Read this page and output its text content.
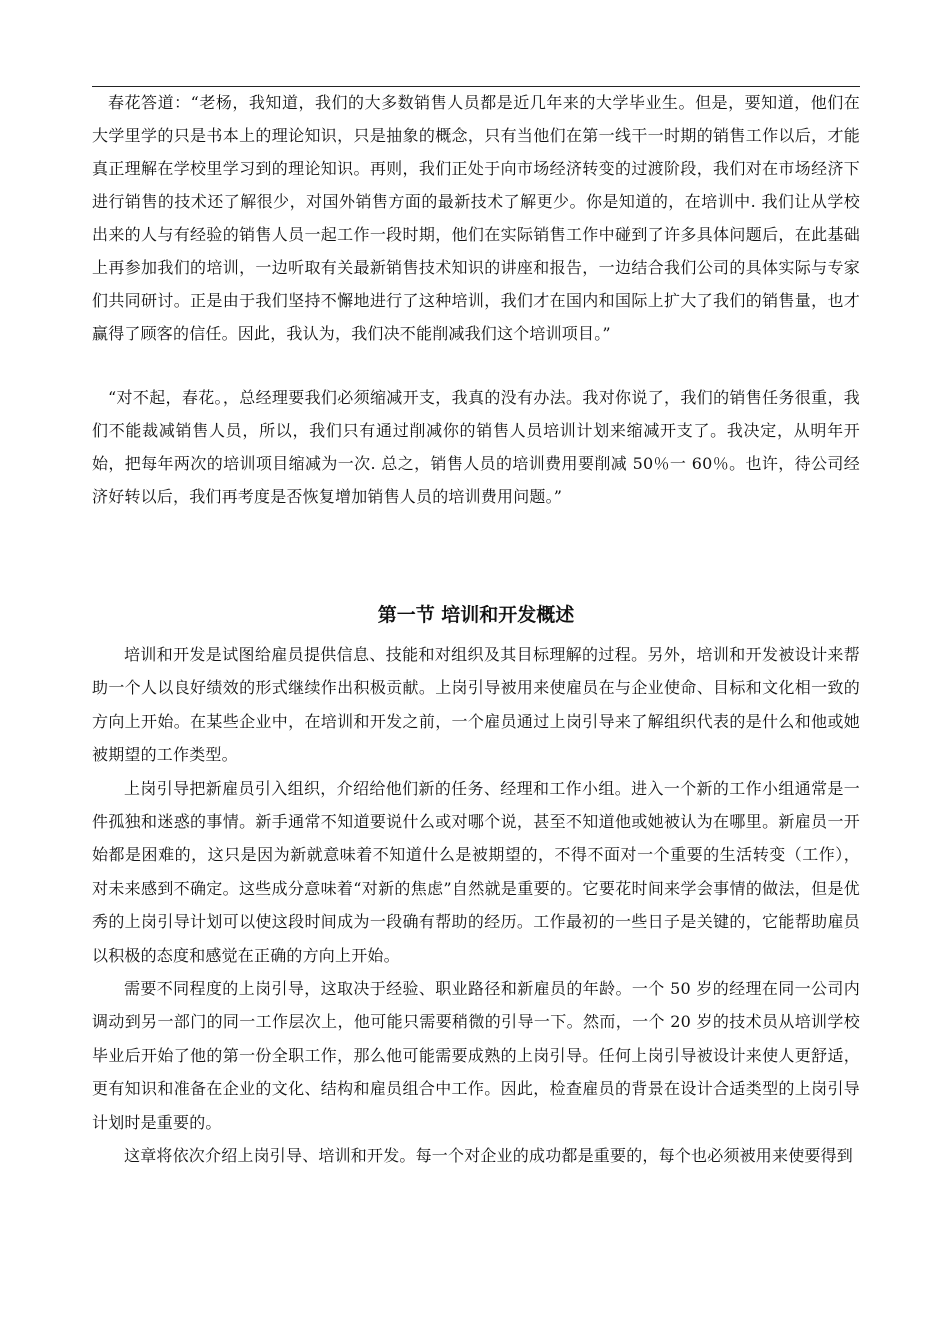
春花答道：“老杨，我知道，我们的大多数销售人员都是近几年来的大学毕业生。但是，要知道，他们在大学里学的只是书本上的理论知识，只是抽象的概念，只有当他们在第一线干一时期的销售工作以后，才能真正理解在学校里学习到的理论知识。再则，我们正处于向市场经济转变的过渡阶段，我们对在市场经济下进行销售的技术还了解很少，对国外销售方面的最新技术了解更少。你是知道的，在培训中. 我们让从学校出来的人与有经验的销售人员一起工作一段时期，他们在实际销售工作中碰到了许多具体问题后，在此基础上再参加我们的培训，一边听取有关最新销售技术知识的讲座和报告，一边结合我们公司的具体实际与专家们共同研讨。正是由于我们坚持不懈地进行了这种培训，我们才在国内和国际上扩大了我们的销售量，也才赢得了顾客的信任。因此，我认为，我们决不能削减我们这个培训项目。”

“对不起，春花。，总经理要我们必须缩减开支，我真的没有办法。我对你说了，我们的销售任务很重，我们不能裁减销售人员，所以，我们只有通过削减你的销售人员培训计划来缩减开支了。我决定，从明年开始，把每年两次的培训项目缩减为一次. 总之，销售人员的培训费用要削减 50％一 60％。也许，待公司经济好转以后，我们再考度是否恢复增加销售人员的培训费用问题。”

第一节 培训和开发概述

培训和开发是试图给雇员提供信息、技能和对组织及其目标理解的过程。另外，培训和开发被设计来帮助一个人以良好绩效的形式继续作出积极贡献。上岗引导被用来使雇员在与企业使命、目标和文化相一致的方向上开始。在某些企业中，在培训和开发之前，一个雇员通过上岗引导来了解组织代表的是什么和他或她被期望的工作类型。

上岗引导把新雇员引入组织，介绍给他们新的任务、经理和工作小组。进入一个新的工作小组通常是一件孤独和迷惑的事情。新手通常不知道要说什么或对哪个说，甚至不知道他或她被认为在哪里。新雇员一开始都是困难的，这只是因为新就意味着不知道什么是被期望的，不得不面对一个重要的生活转变（工作），对未来感到不确定。这些成分意味着“对新的焦虑”自然就是重要的。它要花时间来学会事情的做法，但是优秀的上岗引导计划可以使这段时间成为一段确有帮助的经历。工作最初的一些日子是关键的，它能帮助雇员以积极的态度和感觉在正确的方向上开始。

需要不同程度的上岗引导，这取决于经验、职业路径和新雇员的年龄。一个 50 岁的经理在同一公司内调动到另一部门的同一工作层次上，他可能只需要稍微的引导一下。然而，一个 20 岁的技术员从培训学校毕业后开始了他的第一份全职工作，那么他可能需要成熟的上岗引导。任何上岗引导被设计来使人更舒适，更有知识和准备在企业的文化、结构和雇员组合中工作。因此，检查雇员的背景在设计合适类型的上岗引导计划时是重要的。

这章将依次介绍上岗引导、培训和开发。每一个对企业的成功都是重要的，每个也必须被用来使要得到
